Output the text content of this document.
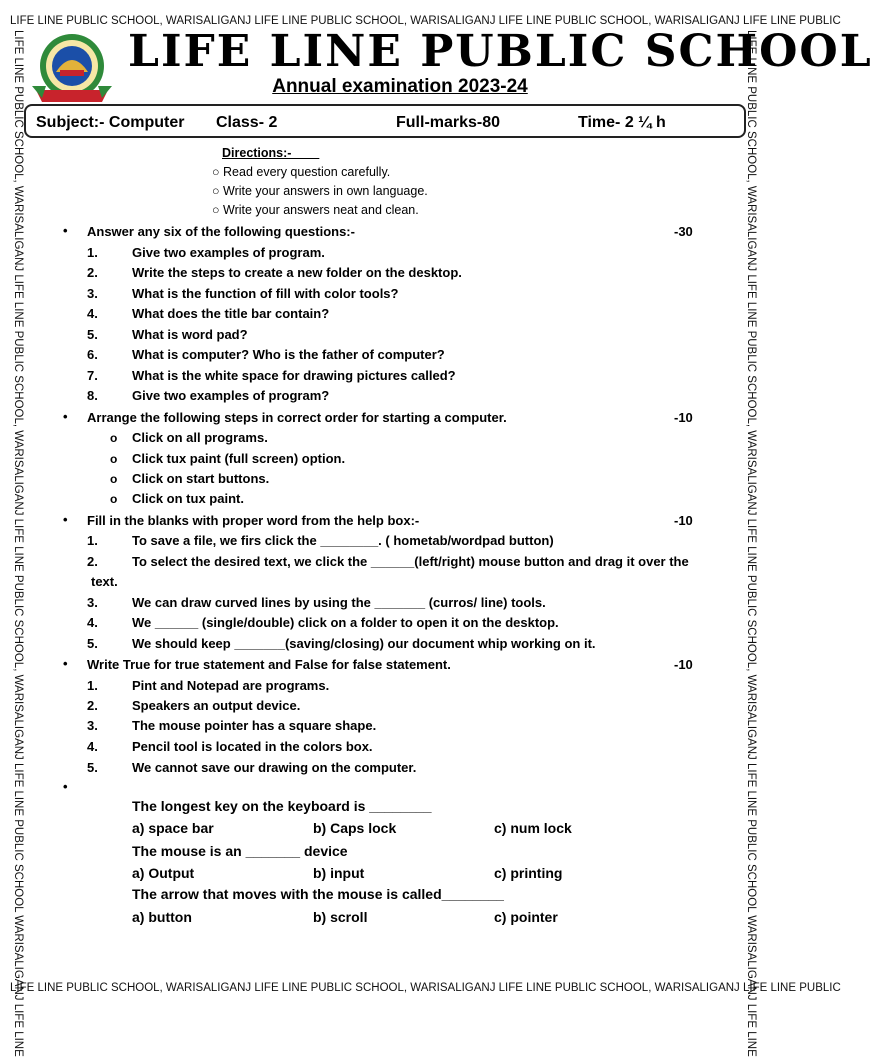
LIFE LINE PUBLIC SCHOOL, WARISALIGANJ LIFE LINE PUBLIC SCHOOL, WARISALIGANJ LIFE LINE PUBLIC SCHOOL, WARISALIGANJ LIFE LINE PUBLIC
LIFE LINE PUBLIC SCHOOL, WARISALIGANJ LIFE LINE PUBLIC SCHOOL, WARISALIGANJ LIFE LINE PUBLIC SCHOOL, WARISALIGANJ LIFE LINE PUBLIC
LIFE LINE PUBLIC SCHOOL, WARISALIGANJ LIFE LINE PUBLIC SCHOOL, WARISALIGANJ LIFE LINE PUBLIC SCHOOL, WARISALIGANJ LIFE LINE PUBLIC SCHOOL WARISALIGANJ LIFE LINE	LIFE LINE PUBLIC SCHOOL, WARISALIGANJ LIFE LINE PUBLIC SCHOOL, WARISALIGANJ LIFE LINE PUBLIC SCHOOL, WARISALIGANJ LIFE LINE PUBLIC SCHOOL WARISALIGANJ LIFE LINE
LIFE LINE PUBLIC SCHOOL
Annual examination 2023-24
Subject:- Computer Class- 2	Full-marks-80	Time- 2 ¼ h
Directions:-____
○ Read every question carefully.
○ Write your answers in own language.
○ Write your answers neat and clean.
• Answer any six of the following questions:-	-30
1.	Give two examples of program.
2.	Write the steps to create a new folder on the desktop.
3.	What is the function of fill with color tools?
4.	What does the title bar contain?
5.	What is word pad?
6.	What is computer? Who is the father of computer?
7.	What is the white space for drawing pictures called?
8.	Give two examples of program?
• Arrange the following steps in correct order for starting a computer.	-10
o Click on all programs.
o Click tux paint (full screen) option.
o Click on start buttons.
o Click on tux paint.
• Fill in the blanks with proper word from the help box:-	-10
1.	To save a file, we firs click the ________. ( hometab/wordpad button)
2.	To select the desired text, we click the ______(left/right) mouse button and drag it over the
text.
3.	We can draw curved lines by using the _______ (curros/ line) tools.
4.	We ______ (single/double) click on a folder to open it on the desktop.
5.	We should keep _______(saving/closing) our document whip working on it.
• Write True for true statement and False for false statement.	-10
1.	Pint and Notepad are programs.
2.	Speakers an output device.
3.	The mouse pointer has a square shape.
4.	Pencil tool is located in the colors box.
5.	We cannot save our drawing on the computer.
•
The longest key on the keyboard is ________
a) space bar	b) Caps lock	c) num lock
The mouse is an _______ device
a) Output	b) input	c) printing
The arrow that moves with the mouse is called________
a) button	b) scroll	c) pointer
